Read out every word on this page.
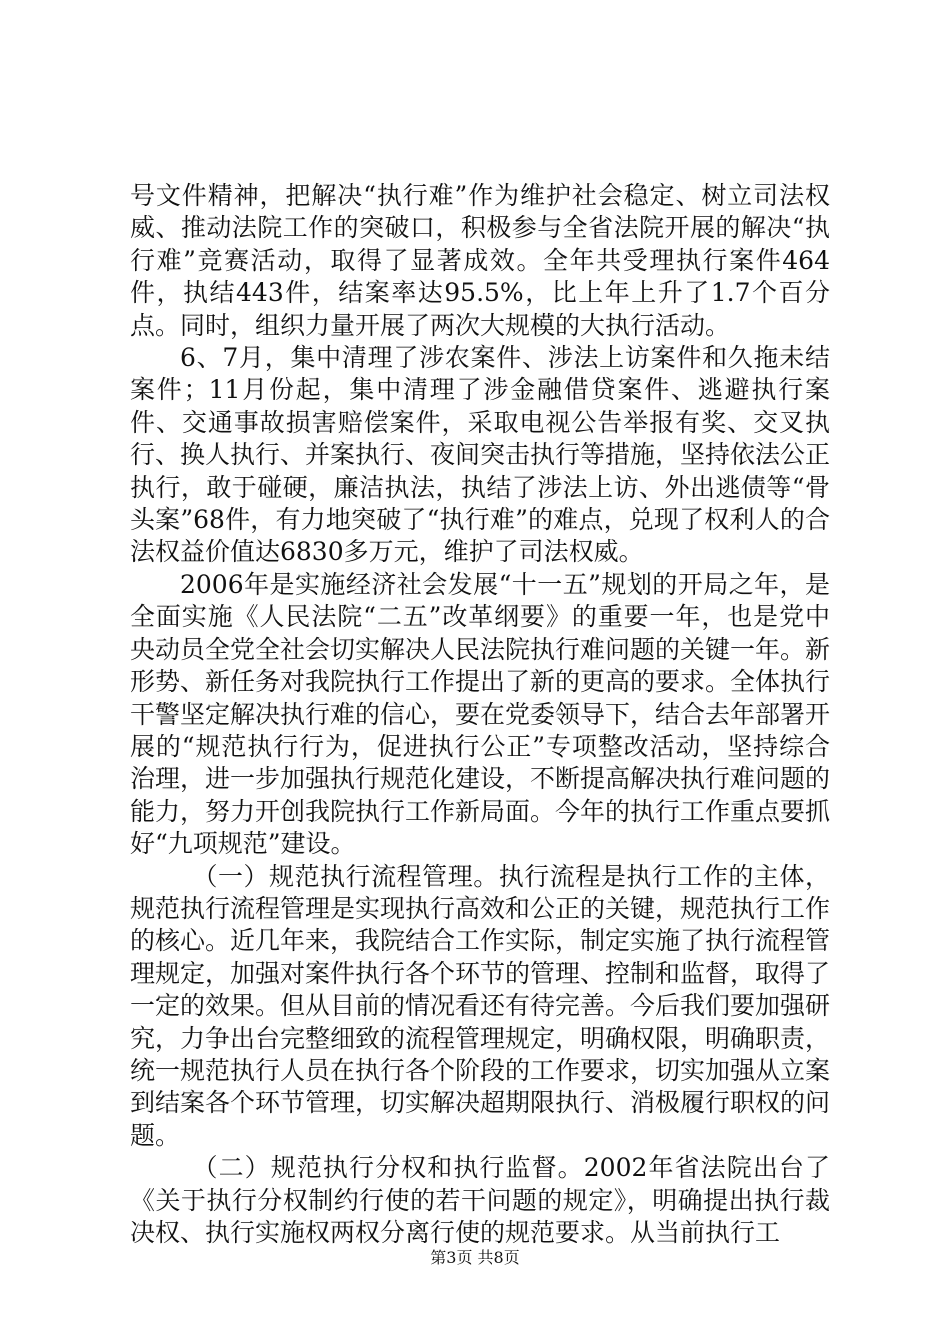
号文件精神，把解决“执行难”作为维护社会稳定、树立司法权威、推动法院工作的突破口，积极参与全省法院开展的解决“执行难”竞赛活动，取得了显著成效。全年共受理执行案件464件，执结443件，结案率达95.5%，比上年上升了1.7个百分点。同时，组织力量开展了两次大规模的大执行活动。

6、7月，集中清理了涉农案件、涉法上访案件和久拖未结案件；11月份起，集中清理了涉金融借贷案件、逃避执行案件、交通事故损害赔偿案件，采取电视公告举报有奖、交叉执行、换人执行、并案执行、夜间突击执行等措施，坚持依法公正执行，敢于碰硬，廉洁执法，执结了涉法上访、外出逃债等“骨头案”68件，有力地突破了“执行难”的难点，兑现了权利人的合法权益价值达6830多万元，维护了司法权威。

2006年是实施经济社会发展“十一五”规划的开局之年，是全面实施《人民法院“二五”改革纲要》的重要一年，也是党中央动员全党全社会切实解决人民法院执行难问题的关键一年。新形势、新任务对我院执行工作提出了新的更高的要求。全体执行干警坚定解决执行难的信心，要在党委领导下，结合去年部署开展的“规范执行行为，促进执行公正”专项整改活动，坚持综合治理，进一步加强执行规范化建设，不断提高解决执行难问题的能力，努力开创我院执行工作新局面。今年的执行工作重点要抓好“九项规范”建设。

（一）规范执行流程管理。执行流程是执行工作的主体，规范执行流程管理是实现执行高效和公正的关键，规范执行工作的核心。近几年来，我院结合工作实际，制定实施了执行流程管理规定，加强对案件执行各个环节的管理、控制和监督，取得了一定的效果。但从目前的情况看还有待完善。今后我们要加强研究，力争出台完整细致的流程管理规定，明确权限，明确职责，统一规范执行人员在执行各个阶段的工作要求，切实加强从立案到结案各个环节管理，切实解决超期限执行、消极履行职权的问题。

（二）规范执行分权和执行监督。2002年省法院出台了《关于执行分权制约行使的若干问题的规定》，明确提出执行裁决权、执行实施权两权分离行使的规范要求。从当前执行工

第3页 共8页
